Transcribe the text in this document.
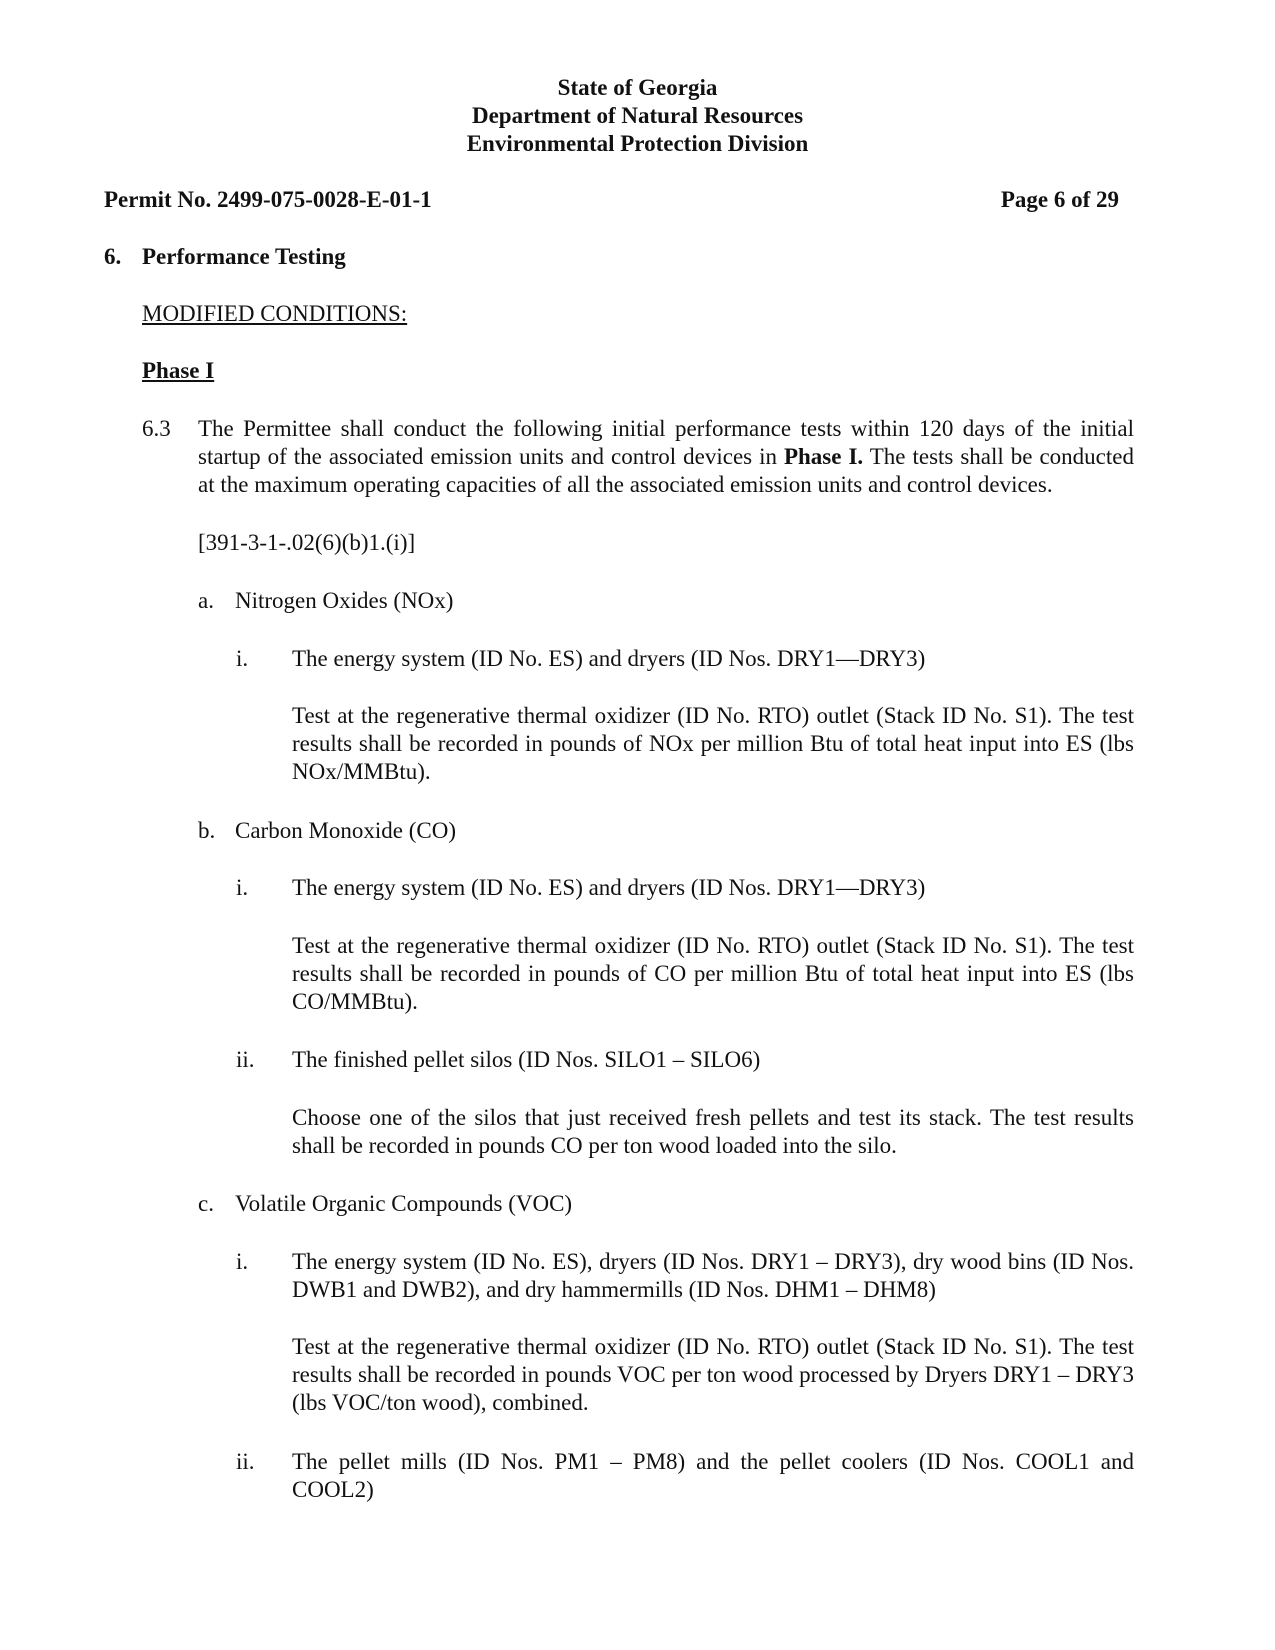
State of Georgia
Department of Natural Resources
Environmental Protection Division
Permit No. 2499-075-0028-E-01-1	Page 6 of 29
6. Performance Testing
MODIFIED CONDITIONS:
Phase I
6.3 The Permittee shall conduct the following initial performance tests within 120 days of the initial startup of the associated emission units and control devices in Phase I. The tests shall be conducted at the maximum operating capacities of all the associated emission units and control devices.
[391-3-1-.02(6)(b)1.(i)]
a. Nitrogen Oxides (NOx)
i. The energy system (ID No. ES) and dryers (ID Nos. DRY1—DRY3)
Test at the regenerative thermal oxidizer (ID No. RTO) outlet (Stack ID No. S1). The test results shall be recorded in pounds of NOx per million Btu of total heat input into ES (lbs NOx/MMBtu).
b. Carbon Monoxide (CO)
i. The energy system (ID No. ES) and dryers (ID Nos. DRY1—DRY3)
Test at the regenerative thermal oxidizer (ID No. RTO) outlet (Stack ID No. S1). The test results shall be recorded in pounds of CO per million Btu of total heat input into ES (lbs CO/MMBtu).
ii. The finished pellet silos (ID Nos. SILO1 – SILO6)
Choose one of the silos that just received fresh pellets and test its stack. The test results shall be recorded in pounds CO per ton wood loaded into the silo.
c. Volatile Organic Compounds (VOC)
i. The energy system (ID No. ES), dryers (ID Nos. DRY1 – DRY3), dry wood bins (ID Nos. DWB1 and DWB2), and dry hammermills (ID Nos. DHM1 – DHM8)
Test at the regenerative thermal oxidizer (ID No. RTO) outlet (Stack ID No. S1). The test results shall be recorded in pounds VOC per ton wood processed by Dryers DRY1 – DRY3 (lbs VOC/ton wood), combined.
ii. The pellet mills (ID Nos. PM1 – PM8) and the pellet coolers (ID Nos. COOL1 and COOL2)
